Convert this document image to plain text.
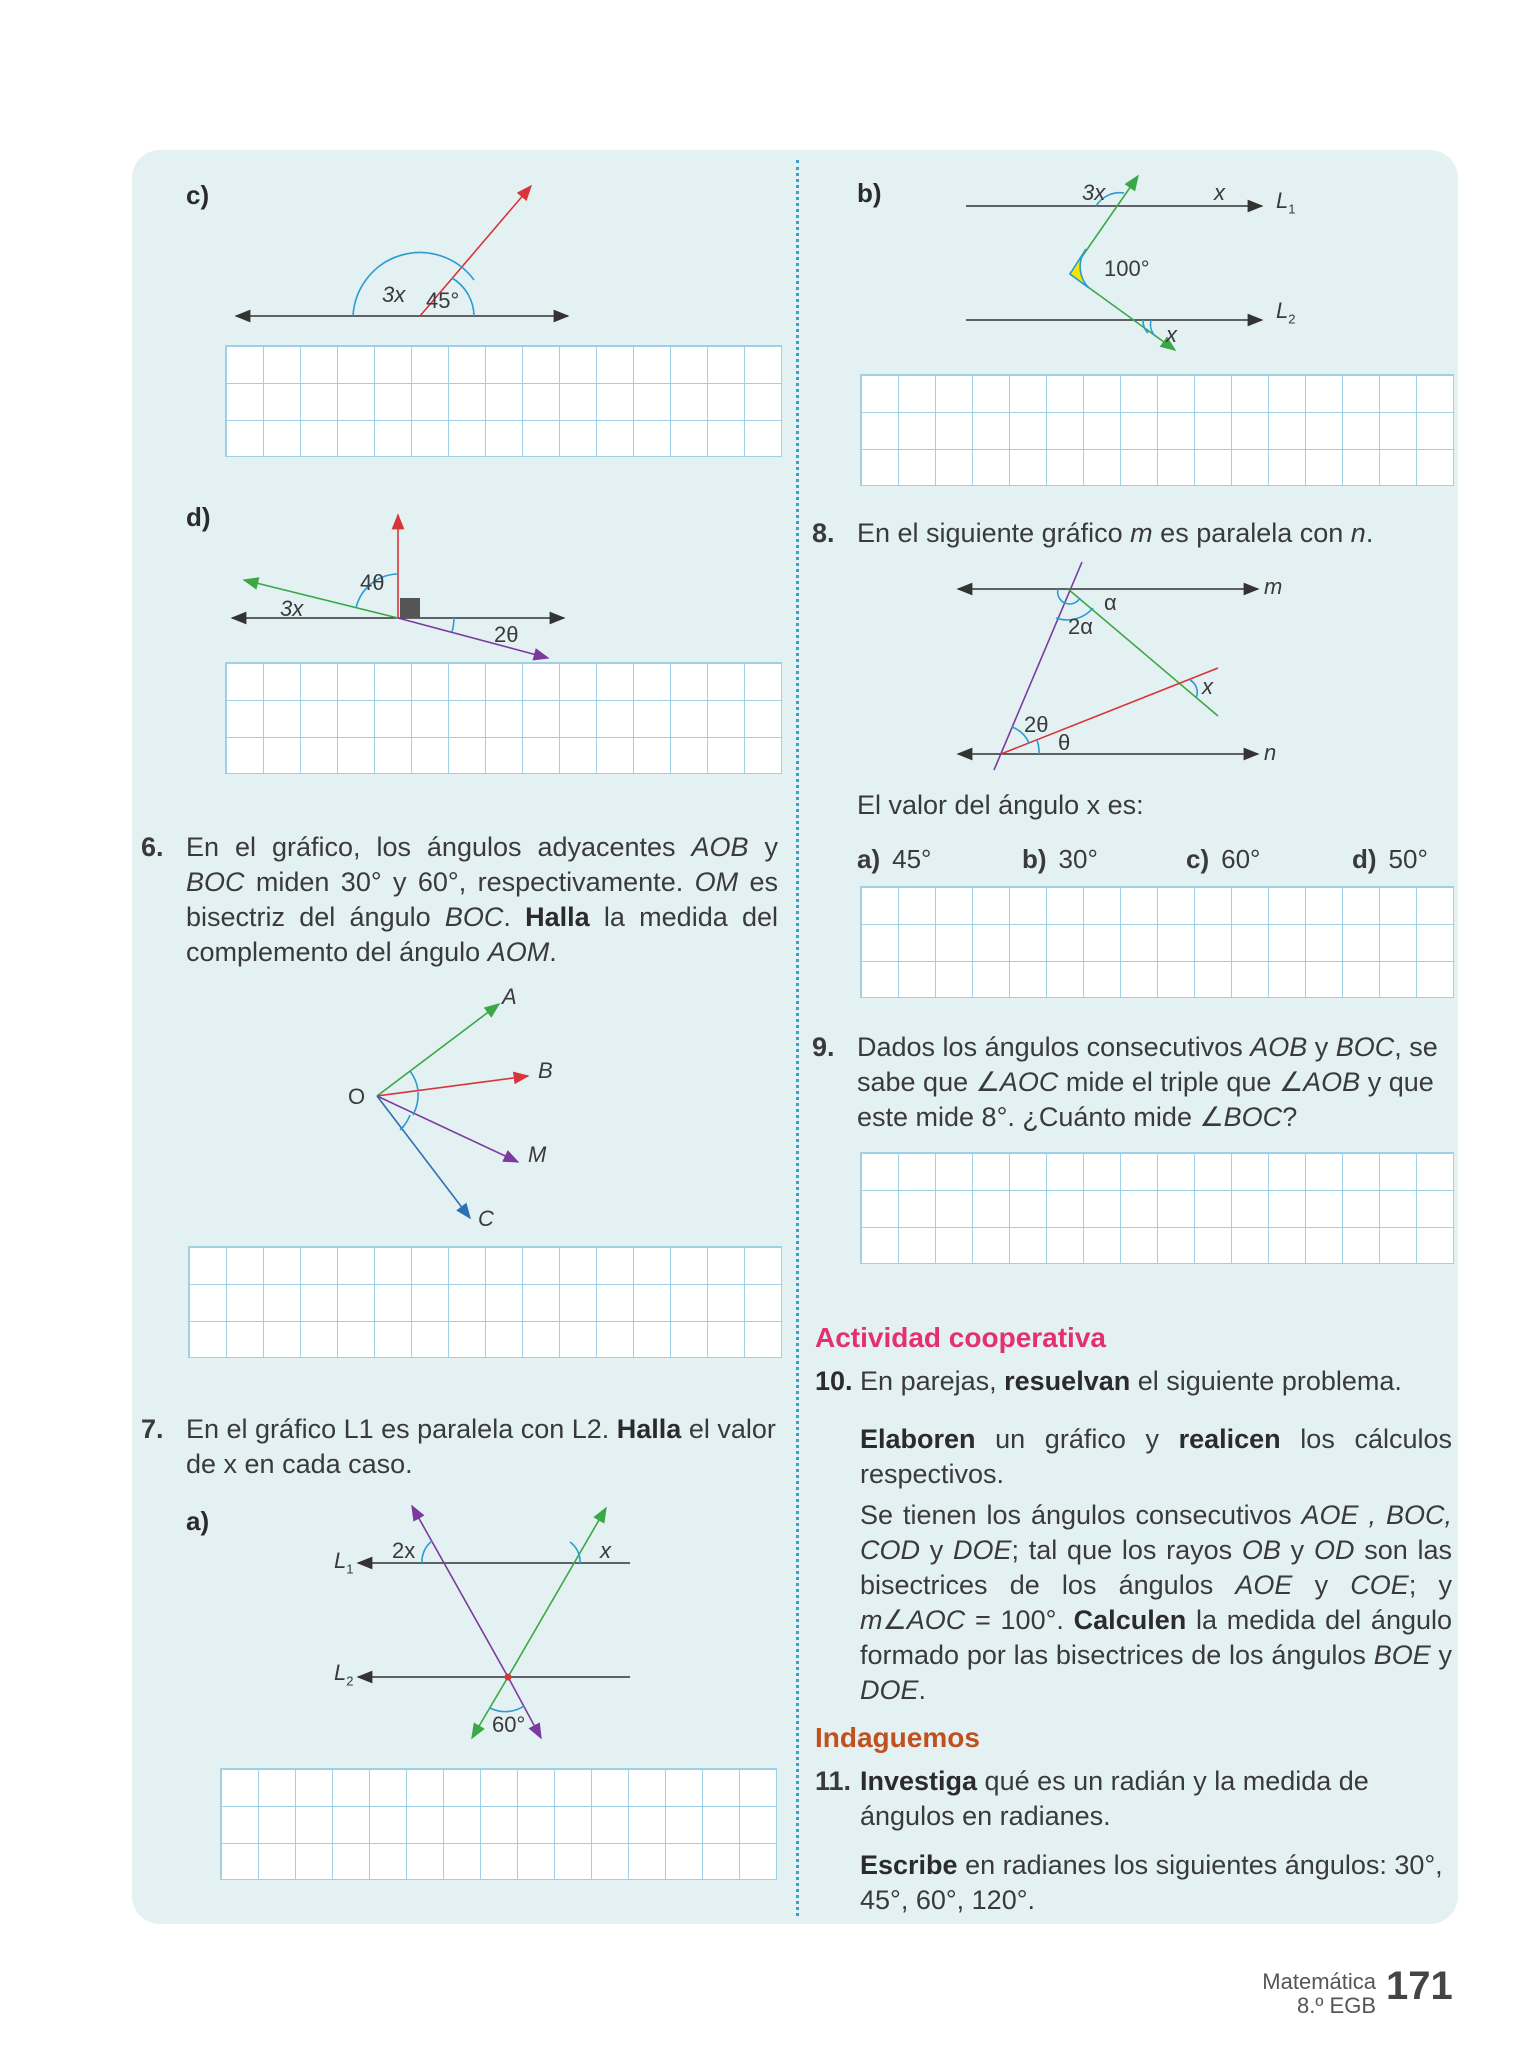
c)
3x 45°
d)
4θ
3x
2θ
6. En el gráfico, los ángulos adyacentes AOB y BOC miden 30° y 60°, respectivamente. OM es bisectriz del ángulo BOC. Halla la medida del complemento del ángulo AOM.
A
B
O
M
C
7. En el gráfico L1 es paralela con L2. Halla el valor de x en cada caso.
a)
$L_1$
$L_2$
2x	x
60°
b)	3x	x $L_1$
100°
$L_2$
x
8. En el siguiente gráfico m es paralela con n.
m
n
α
2α
x
2θ
θ
El valor del ángulo x es:
a) 45°	b) 30°	c) 60°	d) 50°
9. Dados los ángulos consecutivos AOB y BOC, se sabe que ∠AOC mide el triple que ∠AOB y que este mide 8°. ¿Cuánto mide ∠BOC?
Actividad cooperativa
10. En parejas, resuelvan el siguiente problema.
Elaboren un gráfico y realicen los cálculos respectivos.
Se tienen los ángulos consecutivos AOE , BOC, COD y DOE; tal que los rayos OB y OD son las bisectrices de los ángulos AOE y COE; y m∠AOC = 100°. Calculen la medida del ángulo formado por las bisectrices de los ángulos BOE y DOE.
Indaguemos
11. Investiga qué es un radián y la medida de ángulos en radianes.
Escribe en radianes los siguientes ángulos: 30°, 45°, 60°, 120°.
Matemática
8.º EGB 171
